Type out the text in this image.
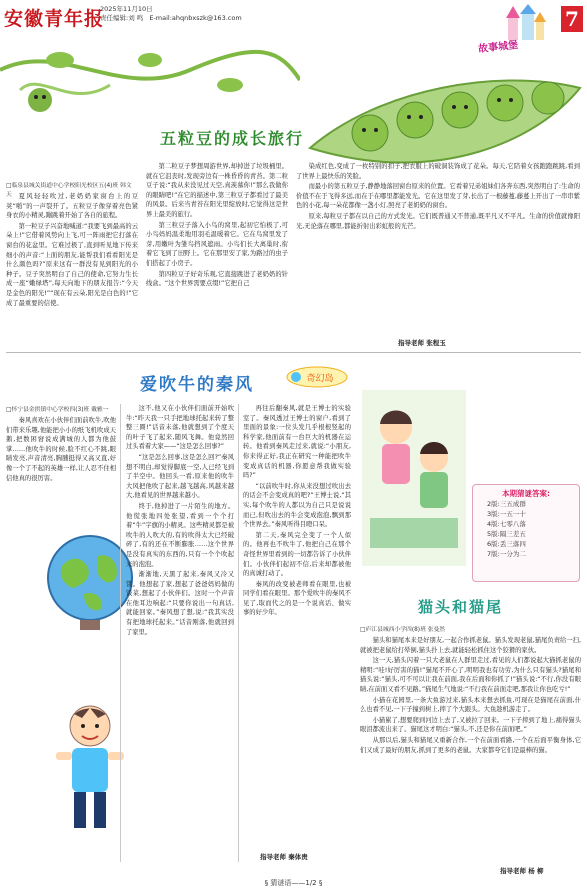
安徽青年报
2025年11月10日
责任编辑:刘 鸣 E-mail:ahqnbxszk@163.com	7
故事城堡
五粒豆的成长旅行
□临泉县城关街道中心学校阳光校区五(4)班 韩文天	夏风轻轻吹过,老奶奶家窗台上的豆荚“啪”的一声裂开了。五粒豆子像穿着亮色紧身衣的小精灵,蹦跳着开始了各自的旅程。

第一粒豆子兴奋地喊道:“我要飞到最高的云朵上!”它借着风势向上飞,可一阵雨把它打落在窗台的花盆里。它难过极了,直到听见地下传来细小的声音:“上面的朋友,能帮我们看看阳光是什么颜色吗?”原来这有一群没有见到阳光的小种子。豆子突然明白了自己的使命,它努力生长成一座“嫩绿塔”,每天向地下的朋友报告:“今天是金色的阳光!”“现在有云朵,阳光是白色的!”它成了最重要的信使。

第二粒豆子梦想周游世界,却掉进了垃圾桶里。就在它沮丧时,发现旁边有一株昏昏的青苔。第二粒豆子说:“我从来没见过天空,真羡慕你!”那么我做你的眼睛吧!”在它的描述中,第三粒豆子都看过了最美的风景。后来当青苔在阳光里绽放时,它觉得这是世界上最美的旅行。

第三粒豆子落入小鸟的窝里,起初它怕极了,可小鸟妈妈温柔地用羽毛温暖着它。它在鸟窝里发了芽,用嫩叶为雏鸟挡风遮雨。小鸟们长大离巢时,衔着它飞到了田野上。它在那里安了家,为路过的虫子们搭起了小房子。

第四粒豆子好奇乐观,它直接跳进了老奶奶的针线盒。“这个世界需要点缀!”它把自己

染成红色,变成了一枚特别的扣子,把衣服上的破洞装饰成了花朵。每天,它陪着女孩跑跑跳跳,看到了世界上最快乐的笑脸。

而最小的第五粒豆子,静静地落回窗台原来的位置。它看着兄弟姐妹们各奔东西,突然明白了:生命的价值不在于飞得多远,而在于在哪里都能发光。它在这里发了芽,长出了一根藤蔓,藤蔓上开出了一串串紫色的小花,每一朵花都像一盏小灯,照亮了老奶奶的窗台。

原来,每粒豆子都在以自己的方式发光。它们既普通又不普通,既平凡又不平凡。生命的价值就像阳光,无论落在哪里,都能折射出彩虹般的光芒。

指导老师 张程玉
爱吹牛的秦风	奇幻岛
□怀宁县金拱镇中心学校四(3)班 戴雅一

秦风喜欢在小伙伴们面前吹牛,吹他们带来乐趣,他能把小小的纸飞机吹成天鹅,把数困窘说成满城的人都为他鼓掌……他吹牛的时候,脸不红心不跳,眼睛发亮,声音清亮,胸脯挺得又高又直,好像一个了不起的英雄一样,让人忍不住相信他真的很厉害。

这不,他又在小伙伴们面前开始吹牛:“昨天我一只手把地球托起来转了整整三圈!”话音未落,他就想到了个度天的叶子飞了起来,随风飞舞。他竟然回过头看着大家——“这是怎么回事?”

“这是怎么回事,这是怎么回?”秦风想不明白,却觉得脚底一空,人已经飞到了半空中。他回头一看,原来他的吹牛大风把他吹了起来,越飞越高,风越来越大,他看见的世界越来越小。

终于,他掉进了一片陌生的地方。他慌张地四处张望,看到一个个打着“牛”字旗的小精灵。这些精灵都是被吹牛的人吹大的,有的吹得太大已经破碎了,有的还在不断膨胀……这个世界是没有真实的东西的,只有一个个吹起来的泡泡。

渐渐地,天黑了起来,秦风又冷又饿。他想起了家,想起了爸爸妈妈做的饭菜,想起了小伙伴们。这时一个声音在他耳边响起:“只要你说出一句真话,就能回家。”秦风想了想,说:“我其实没有把地球托起来。”话音刚落,他就回到了家里。

再往后翻秦风,就是王博士的实验室了。秦风透过王博士的窗户,看到了里面的景象:一位头发几乎根根竖起的科学家,他面前有一台巨大的机器在运转。他看到秦风走过来,就说:“小朋友,你来得正好,我正在研究一种能把吹牛变成真话的机器,你愿意帮我做实验吗?”

“以前吹牛时,你从来没想过吹出去的话会不会变成真的吧?”王博士说,“其实,每个吹牛的人都以为自己只是说说而已,但吹出去的牛会变成泡泡,飘到那个世界去。”秦风听得目瞪口呆。

第二天,秦风完全变了一个人似的。他再也不吹牛了,他把自己在那个奇怪世界里看到的一切都告诉了小伙伴们。小伙伴们起初不信,后来却都被他的真诚打动了。

秦风的改变被老师看在眼里,也被同学们看在眼里。那个爱吹牛的秦风不见了,取而代之的是一个说真话、做实事的好少年。

指导老师 秦体贵
本期猜谜答案:
2版:三五成群
3版:一五一十
4版:七零八落
5版:隔三差五
6版:丢三落四
7版:一分为二
猫头和猫尾
□庐江县城西小学四(8)班 张曼然

猫头和猫尾本来是好朋友,一起合作抓老鼠。猫头发现老鼠,猫尾负责给一扫,就被把老鼠给打晕倒,猫头扑上去,就能轻松抓住这个狡猾的家伙。

这一天,猫头闪着一只大老鼠在人群里走过,看见的人们都说起大猫抓老鼠的精明:“哇!好厉害的猫!”猫尾不开心了,明明我也有功劳,为什么只有猫头?猫尾和猫头说:“猫头,可不可以让我在前面,我在后面和你抓了!”猫头说:“不行,你没有眼睛,在前面又看不见路。”猫尾生气地说:“不行我在前面走吧,那我让你也吃亏!”

小猫在花园里,一条大鱼游过来,猫头本来想去抓鱼,可现在是猫尾在前面,什么也看不见,一下子撞到树上,摔了个大跟头。大鱼趁机游走了。

小猫累了,想要爬到河边上去了,又被拉了回来。一下子摔到了地上,痛得猫头眼泪都流出来了。猫尾这才明白:“猫头,不,还是你在前面吧。”

从那以后,猫头和猫尾又重新合作,一个在前面看路,一个在后面平衡身体,它们又成了最好的朋友,抓到了更多的老鼠。大家都夸它们是最棒的猫。

指导老师 杨 柳
§ 猜谜语——1/2 §
